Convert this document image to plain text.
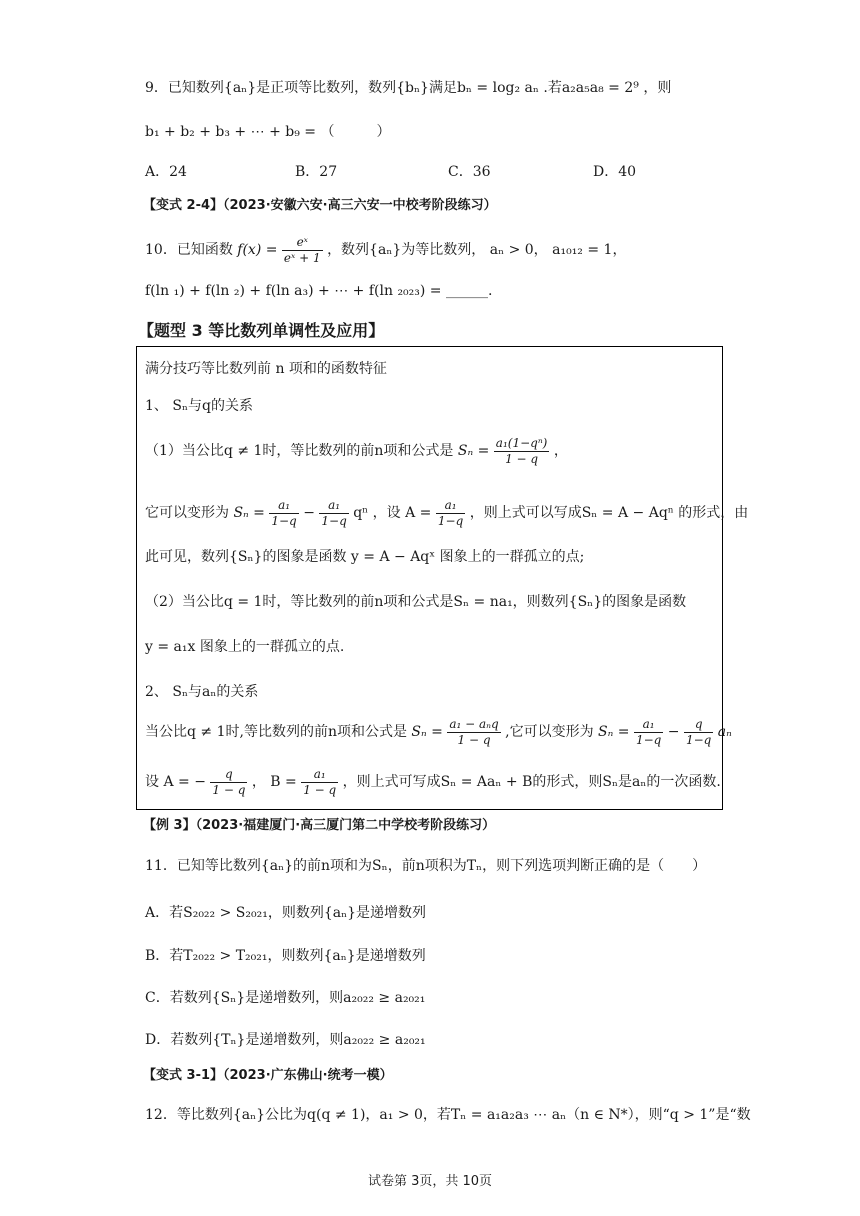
9．已知数列{aₙ}是正项等比数列，数列{bₙ}满足bₙ = log₂ aₙ .若a₂a₅a₈ = 2⁹ ，则
b₁ + b₂ + b₃ + ⋯ + b₉ = （　　　）
A．24	B．27	C．36	D．40
【变式 2-4】（2023·安徽六安·高三六安一中校考阶段练习）
10．已知函数 $f(x) = \frac{\text{eˣ}}{\text{eˣ + 1}}$ ，数列{aₙ}为等比数列， aₙ > 0， a₁₀₁₂ = 1，
f(ln ₁) + f(ln ₂) + f(ln a₃) + ⋯ + f(ln ₂₀₂₃) = ______.
【题型 3 等比数列单调性及应用】
满分技巧等比数列前 n 项和的函数特征
1、 Sₙ与q的关系
（1）当公比q ≠ 1时，等比数列的前n项和公式是 $S_n = \frac{\text{a₁(1−qⁿ)}}{1 - q}$ ，
它可以变形为 $S_n = \frac{\text{a₁}}{1-q} - \frac{\text{a₁}}{1-q}$ qⁿ ，设 $A = \frac{\text{a₁}}{1-q}$ ，则上式可以写成Sₙ = A − Aqⁿ 的形式，由
此可见，数列{Sₙ}的图象是函数 y = A − Aqˣ 图象上的一群孤立的点;
（2）当公比q = 1时，等比数列的前n项和公式是Sₙ = na₁，则数列{Sₙ}的图象是函数
y = a₁x 图象上的一群孤立的点.
2、 Sₙ与aₙ的关系
当公比q ≠ 1时,等比数列的前n项和公式是 $S_n = \frac{\text{a₁ − aₙq}}{1 - q}$ ,它可以变形为 $S_n = \frac{\text{a₁}}{1-q} - \frac{q}{1-q}$ aₙ
设 A = − $\frac{q}{1 - q}$ ， $B = \frac{\text{a₁}}{1 - q}$ ，则上式可写成Sₙ = Aaₙ + B的形式，则Sₙ是aₙ的一次函数.
【例 3】（2023·福建厦门·高三厦门第二中学校考阶段练习）
11．已知等比数列{aₙ}的前n项和为Sₙ，前n项积为Tₙ，则下列选项判断正确的是（　　）
A．若S₂₀₂₂ > S₂₀₂₁，则数列{aₙ}是递增数列
B．若T₂₀₂₂ > T₂₀₂₁，则数列{aₙ}是递增数列
C．若数列{Sₙ}是递增数列，则a₂₀₂₂ ≥ a₂₀₂₁
D．若数列{Tₙ}是递增数列，则a₂₀₂₂ ≥ a₂₀₂₁
【变式 3-1】（2023·广东佛山·统考一模）
12．等比数列{aₙ}公比为q(q ≠ 1)，a₁ > 0，若Tₙ = a₁a₂a₃ ⋯ aₙ（n ∈ N*），则“q > 1”是“数
试卷第 3页，共 10页
